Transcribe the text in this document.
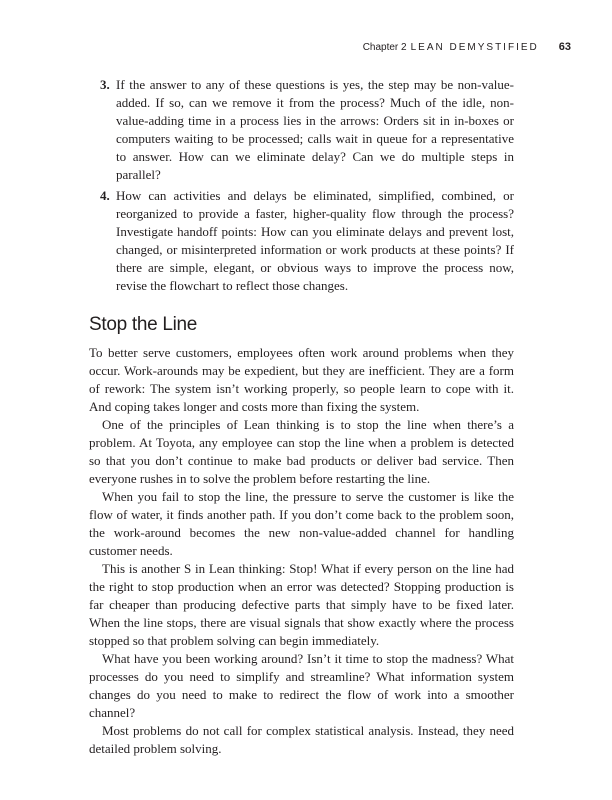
Chapter 2 LEAN DEMYSTIFIED 63
3. If the answer to any of these questions is yes, the step may be non-value-added. If so, can we remove it from the process? Much of the idle, non-value-adding time in a process lies in the arrows: Orders sit in in-boxes or computers waiting to be processed; calls wait in queue for a representative to answer. How can we eliminate delay? Can we do multiple steps in parallel?
4. How can activities and delays be eliminated, simplified, combined, or reorganized to provide a faster, higher-quality flow through the process? Investigate handoff points: How can you eliminate delays and prevent lost, changed, or misinterpreted information or work products at these points? If there are simple, elegant, or obvious ways to improve the process now, revise the flowchart to reflect those changes.
Stop the Line

To better serve customers, employees often work around problems when they occur. Work-arounds may be expedient, but they are inefficient. They are a form of rework: The system isn’t working properly, so people learn to cope with it. And coping takes longer and costs more than fixing the system.

One of the principles of Lean thinking is to stop the line when there’s a problem. At Toyota, any employee can stop the line when a problem is detected so that you don’t continue to make bad products or deliver bad service. Then everyone rushes in to solve the problem before restarting the line.

When you fail to stop the line, the pressure to serve the customer is like the flow of water, it finds another path. If you don’t come back to the problem soon, the work-around becomes the new non-value-added channel for handling customer needs.

This is another S in Lean thinking: Stop! What if every person on the line had the right to stop production when an error was detected? Stopping production is far cheaper than producing defective parts that simply have to be fixed later. When the line stops, there are visual signals that show exactly where the process stopped so that problem solving can begin immediately.

What have you been working around? Isn’t it time to stop the madness? What processes do you need to simplify and streamline? What information system changes do you need to make to redirect the flow of work into a smoother channel?

Most problems do not call for complex statistical analysis. Instead, they need detailed problem solving.
